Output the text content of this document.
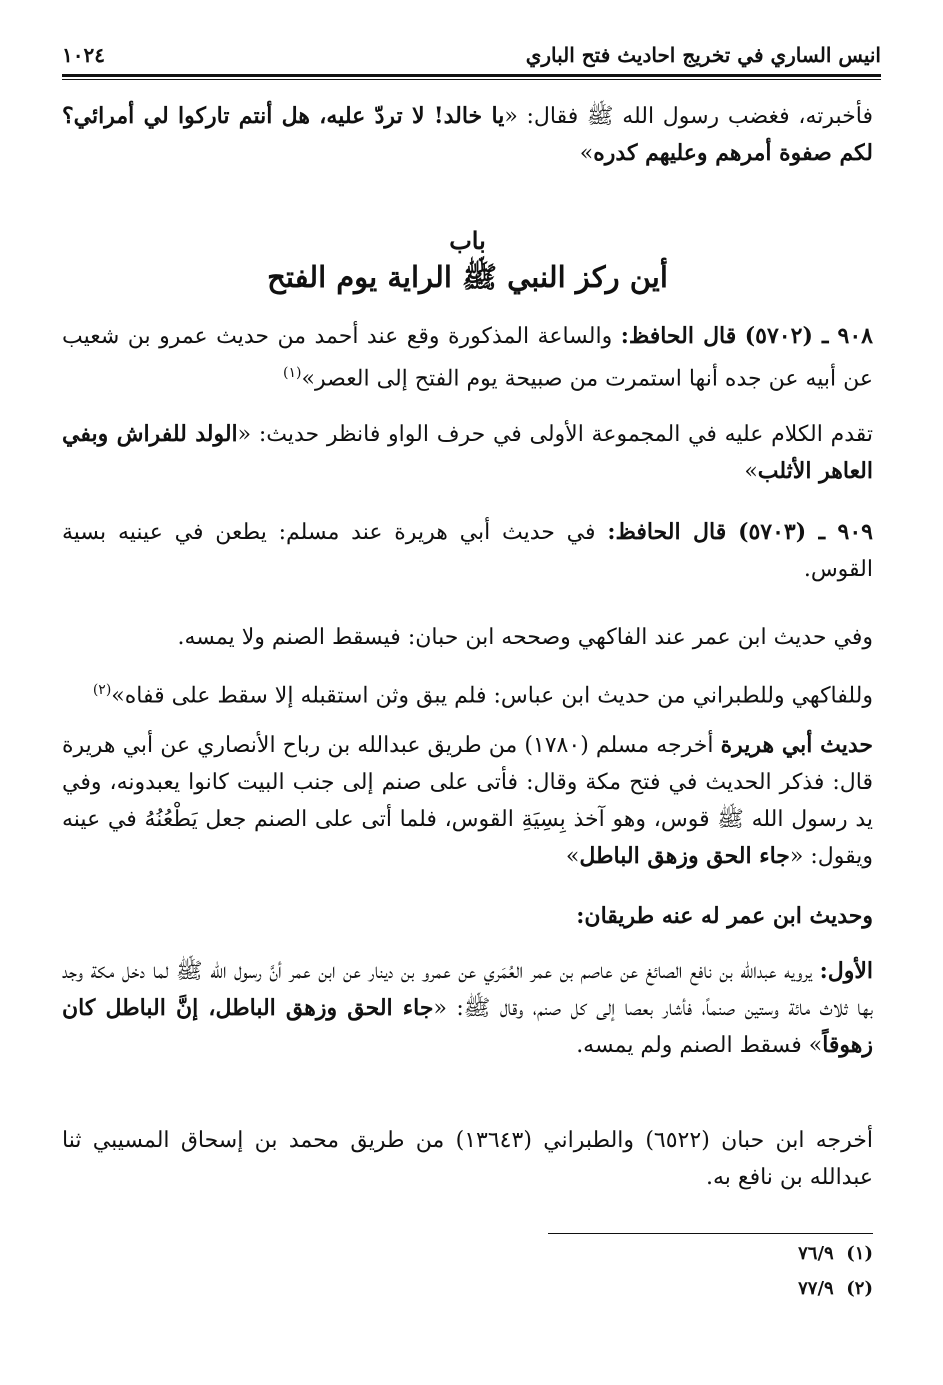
١٠٢٤	انيس الساري في تخريج احاديث فتح الباري
فأخبرته، فغضب رسول الله ﷺ فقال: «يا خالد! لا تردّ عليه، هل أنتم تاركوا لي أمرائي؟ لكم صفوة أمرهم وعليهم كدره»
باب
أين ركز النبي ﷺ الراية يوم الفتح
٩٠٨ ـ (٥٧٠٢) قال الحافظ: والساعة المذكورة وقع عند أحمد من حديث عمرو بن شعيب عن أبيه عن جده أنها استمرت من صبيحة يوم الفتح إلى العصر»$^{(١)}$
تقدم الكلام عليه في المجموعة الأولى في حرف الواو فانظر حديث: «الولد للفراش وبفي العاهر الأثلب»
٩٠٩ ـ (٥٧٠٣) قال الحافظ: في حديث أبي هريرة عند مسلم: يطعن في عينيه بسية القوس.
وفي حديث ابن عمر عند الفاكهي وصححه ابن حبان: فيسقط الصنم ولا يمسه.
وللفاكهي وللطبراني من حديث ابن عباس: فلم يبق وثن استقبله إلا سقط على قفاه»$^{(٢)}$
حديث أبي هريرة أخرجه مسلم (١٧٨٠) من طريق عبدالله بن رباح الأنصاري عن أبي هريرة قال: فذكر الحديث في فتح مكة وقال: فأتى على صنم إلى جنب البيت كانوا يعبدونه، وفي يد رسول الله ﷺ قوس، وهو آخذ بِسِيَةِ القوس، فلما أتى على الصنم جعل يَطْعُنُهُ في عينه ويقول: «جاء الحق وزهق الباطل»
وحديث ابن عمر له عنه طريقان:
الأول: يرويه عبدالله بن نافع الصائغ عن عاصم بن عمر العُمَري عن عمرو بن دينار عن ابن عمر أنَّ رسول الله ﷺ لما دخل مكة وجد بها ثلاث مائة وستين صنماً، فأشار بعصا إلى كل صنم، وقال ﷺ: «جاء الحق وزهق الباطل، إنَّ الباطل كان زهوقاً» فسقط الصنم ولم يمسه.
أخرجه ابن حبان (٦٥٢٢) والطبراني (١٣٦٤٣) من طريق محمد بن إسحاق المسيبي ثنا عبدالله بن نافع به.
(١)  ٧٦/٩
(٢)  ٧٧/٩
